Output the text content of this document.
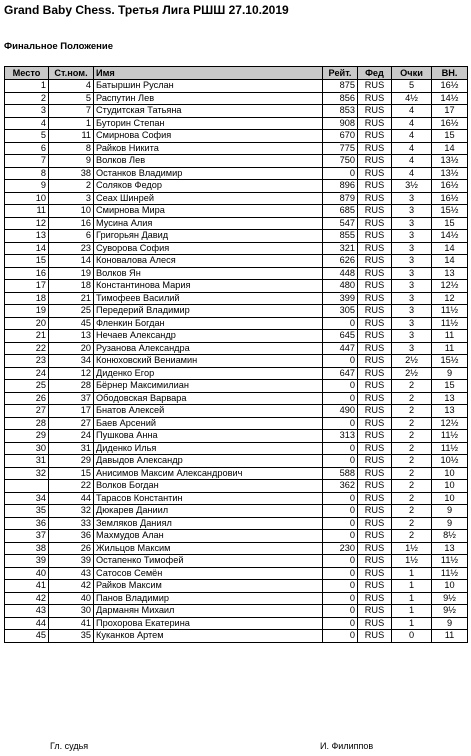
Grand Baby Chess. Третья Лига РШШ 27.10.2019
Финальное Положение
Место	Ст.ном.	Имя	Рейт.	Фед	Очки	ВН.
1	4	Батыршин Руслан	875	RUS	5	16½
2	5	Распутин Лев	856	RUS	4½	14½
3	7	Студитская Татьяна	853	RUS	4	17
4	1	Буторин Степан	908	RUS	4	16½
5	11	Смирнова София	670	RUS	4	15
6	8	Райков Никита	775	RUS	4	14
7	9	Волков Лев	750	RUS	4	13½
8	38	Останков Владимир	0	RUS	4	13½
9	2	Соляков Федор	896	RUS	3½	16½
10	3	Сеах Шинрей	879	RUS	3	16½
11	10	Смирнова Мира	685	RUS	3	15½
12	16	Мусина Алия	547	RUS	3	15
13	6	Григорьян Давид	855	RUS	3	14½
14	23	Суворова София	321	RUS	3	14
15	14	Коновалова Алеся	626	RUS	3	14
16	19	Волков Ян	448	RUS	3	13
17	18	Константинова Мария	480	RUS	3	12½
18	21	Тимофеев Василий	399	RUS	3	12
19	25	Передерий Владимир	305	RUS	3	11½
20	45	Фленкин Богдан	0	RUS	3	11½
21	13	Нечаев Александр	645	RUS	3	11
22	20	Рузанова Александра	447	RUS	3	11
23	34	Конюховский Вениамин	0	RUS	2½	15½
24	12	Диденко Егор	647	RUS	2½	9
25	28	Бёрнер Максимилиан	0	RUS	2	15
26	37	Ободовская Варвара	0	RUS	2	13
27	17	Бнатов Алексей	490	RUS	2	13
28	27	Баев Арсений	0	RUS	2	12½
29	24	Пушкова Анна	313	RUS	2	11½
30	31	Диденко Илья	0	RUS	2	11½
31	29	Давыдов Александр	0	RUS	2	10½
32	15	Анисимов Максим Александрович	588	RUS	2	10
	22	Волков Богдан	362	RUS	2	10
34	44	Тарасов Константин	0	RUS	2	10
35	32	Дюкарев Даниил	0	RUS	2	9
36	33	Земляков Даниял	0	RUS	2	9
37	36	Махмудов Алан	0	RUS	2	8½
38	26	Жильцов Максим	230	RUS	1½	13
39	39	Остапенко Тимофей	0	RUS	1½	11½
40	43	Сатосов Семён	0	RUS	1	11½
41	42	Райков Максим	0	RUS	1	10
42	40	Панов Владимир	0	RUS	1	9½
43	30	Дарманян Михаил	0	RUS	1	9½
44	41	Прохорова Екатерина	0	RUS	1	9
45	35	Куканков Артем	0	RUS	0	11
Гл. судья	И. Филиппов
